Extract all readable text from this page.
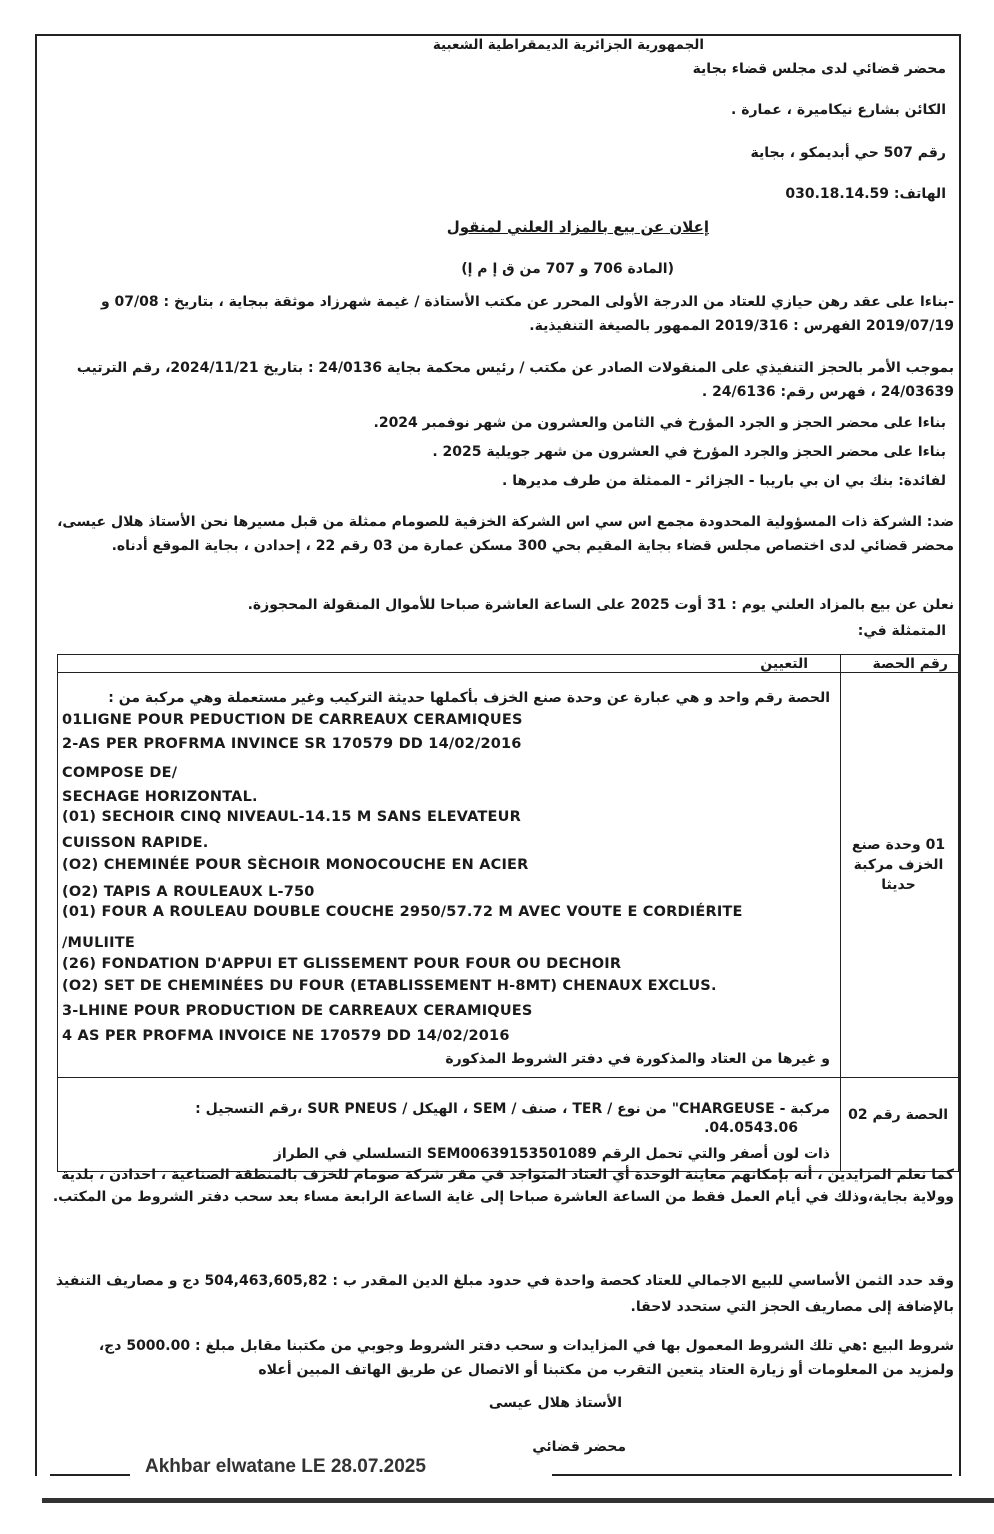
الجمهورية الجزائرية الديمقراطية الشعبية
محضر قضائي لدى مجلس قضاء بجاية
الكائن بشارع نيكاميرة ، عمارة .
رقم 507 حي أبديمكو ، بجاية
الهاتف: 030.18.14.59
إعلان عن بيع بالمزاد العلني لمنقول
(المادة 706 و 707 من ق إ م إ)
-بناءا على عقد رهن حيازي للعتاد من الدرجة الأولى المحرر عن مكتب الأستاذة / غيمة شهرزاد موثقة ببجاية ، بتاريخ : 07/08 و 2019/07/19 الفهرس : 2019/316 الممهور بالصيغة التنفيذية.
بموجب الأمر بالحجز التنفيذي على المنقولات الصادر عن مكتب / رئيس محكمة بجاية 24/0136 : بتاريخ 2024/11/21، رقم الترتيب 24/03639 ، فهرس رقم: 24/6136 .
بناءا على محضر الحجز و الجرد المؤرخ في الثامن والعشرون من شهر نوفمبر 2024.
بناءا على محضر الحجز والجرد المؤرخ في العشرون من شهر جويلية 2025 .
لفائدة: بنك بي ان بي باريبا - الجزائر - الممثلة من طرف مديرها .
ضد: الشركة ذات المسؤولية المحدودة مجمع اس سي اس الشركة الخزفية للصومام ممثلة من قبل مسيرها نحن الأستاذ هلال عيسى، محضر قضائي لدى اختصاص مجلس قضاء بجاية المقيم بحي 300 مسكن عمارة من 03 رقم 22 ، إحدادن ، بجاية الموقع أدناه.
نعلن عن بيع بالمزاد العلني يوم : 31 أوت 2025 على الساعة العاشرة صباحا للأموال المنقولة المحجوزة.
المتمثلة في:
رقم الحصة
التعيين
01 وحدة صنع الخزف مركبة حديثا
الحصة رقم واحد و هي عبارة عن وحدة صنع الخزف بأكملها حديثة التركيب وغير مستعملة وهي مركبة من :
و غيرها من العتاد والمذكورة في دفتر الشروط المذكورة
الحصة رقم 02
مركبة - CHARGEUSE" من نوع / TER ، صنف / SEM ، الهيكل / SUR PNEUS ،رقم التسجيل :
04.0543.06.
ذات لون أصفر والتي تحمل الرقم SEM00639153501089 التسلسلي في الطراز
01LIGNE POUR PEDUCTION DE CARREAUX CERAMIQUES
2-AS PER PROFRMA INVINCE SR 170579 DD 14/02/2016
COMPOSE DE/
SECHAGE HORIZONTAL.
(01) SECHOIR CINQ NIVEAUL-14.15 M SANS ELEVATEUR
CUISSON RAPIDE.
(O2) CHEMINÉE POUR SÈCHOIR MONOCOUCHE EN ACIER
(O2) TAPIS A ROULEAUX L-750
(01) FOUR A ROULEAU DOUBLE COUCHE 2950/57.72 M AVEC VOUTE E CORDIÉRITE
/MULIITE
(26) FONDATION D'APPUI ET GLISSEMENT POUR FOUR OU DECHOIR
(O2) SET DE CHEMINÉES DU FOUR (ETABLISSEMENT H-8MT) CHENAUX EXCLUS.
3-LHINE POUR PRODUCTION DE CARREAUX CERAMIQUES
4 AS PER PROFMA INVOICE NE 170579 DD 14/02/2016
كما نعلم المزايدين ، أنه بإمكانهم معاينة الوحدة أي العتاد المتواجد في مقر شركة صومام للخزف بالمنطقة الصناعية ، احدادن ، بلدية وولاية بجاية،وذلك في أيام العمل فقط من الساعة العاشرة صباحا إلى غاية الساعة الرابعة مساء بعد سحب دفتر الشروط من المكتب.
وقد حدد الثمن الأساسي للبيع الاجمالي للعتاد كحصة واحدة في حدود مبلغ الدين المقدر ب : 504,463,605,82 دج و مصاريف التنفيذ بالإضافة إلى مصاريف الحجز التي ستحدد لاحقا.
شروط البيع :هي تلك الشروط المعمول بها في المزايدات و سحب دفتر الشروط وجوبي من مكتبنا مقابل مبلغ : 5000.00 دج، ولمزيد من المعلومات أو زيارة العتاد يتعين التقرب من مكتبنا أو الاتصال عن طريق الهاتف المبين أعلاه
الأستاذ هلال عيسى
محضر قضائي
Akhbar elwatane LE 28.07.2025
